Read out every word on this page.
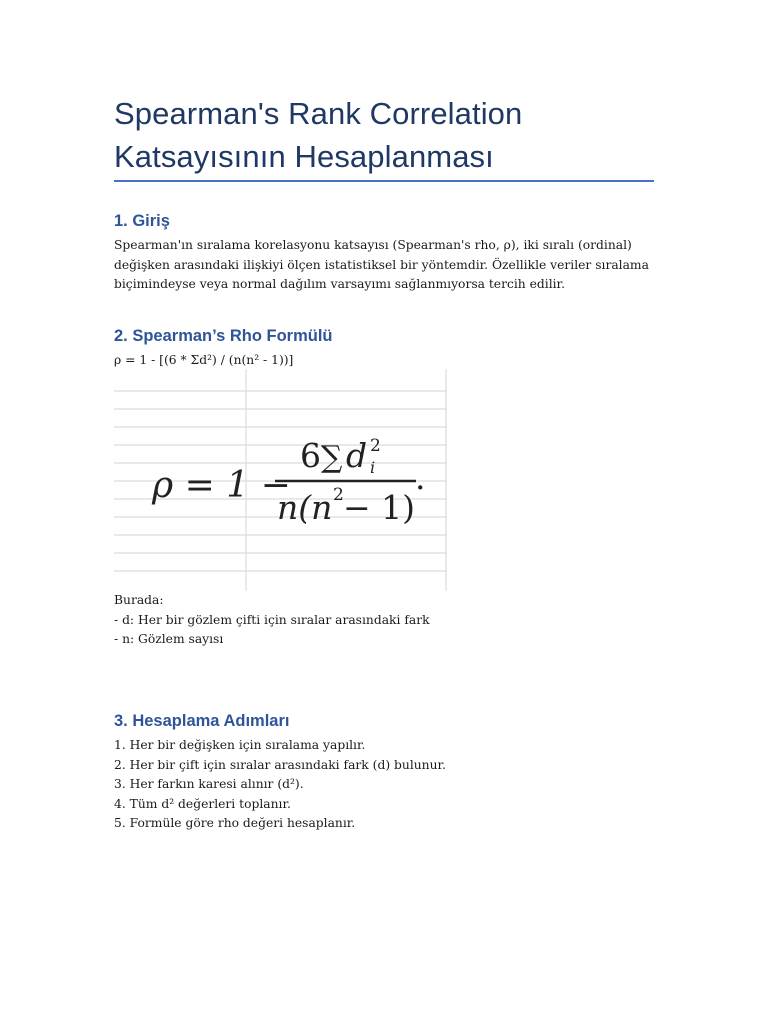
Spearman's Rank Correlation
Katsayısının Hesaplanması
1. Giriş
Spearman'ın sıralama korelasyonu katsayısı (Spearman's rho, ρ), iki sıralı (ordinal)
değişken arasındaki ilişkiyi ölçen istatistiksel bir yöntemdir. Özellikle veriler sıralama
biçimindeyse veya normal dağılım varsayımı sağlanmıyorsa tercih edilir.
2. Spearman’s Rho Formülü
ρ = 1 - [(6 * Σd²) / (n(n² - 1))]
ρ = 1 −
6 ∑ d i
2
n(n 2 − 1)
.
Burada:
- d: Her bir gözlem çifti için sıralar arasındaki fark
- n: Gözlem sayısı
3. Hesaplama Adımları
1. Her bir değişken için sıralama yapılır.
2. Her bir çift için sıralar arasındaki fark (d) bulunur.
3. Her farkın karesi alınır (d²).
4. Tüm d² değerleri toplanır.
5. Formüle göre rho değeri hesaplanır.
